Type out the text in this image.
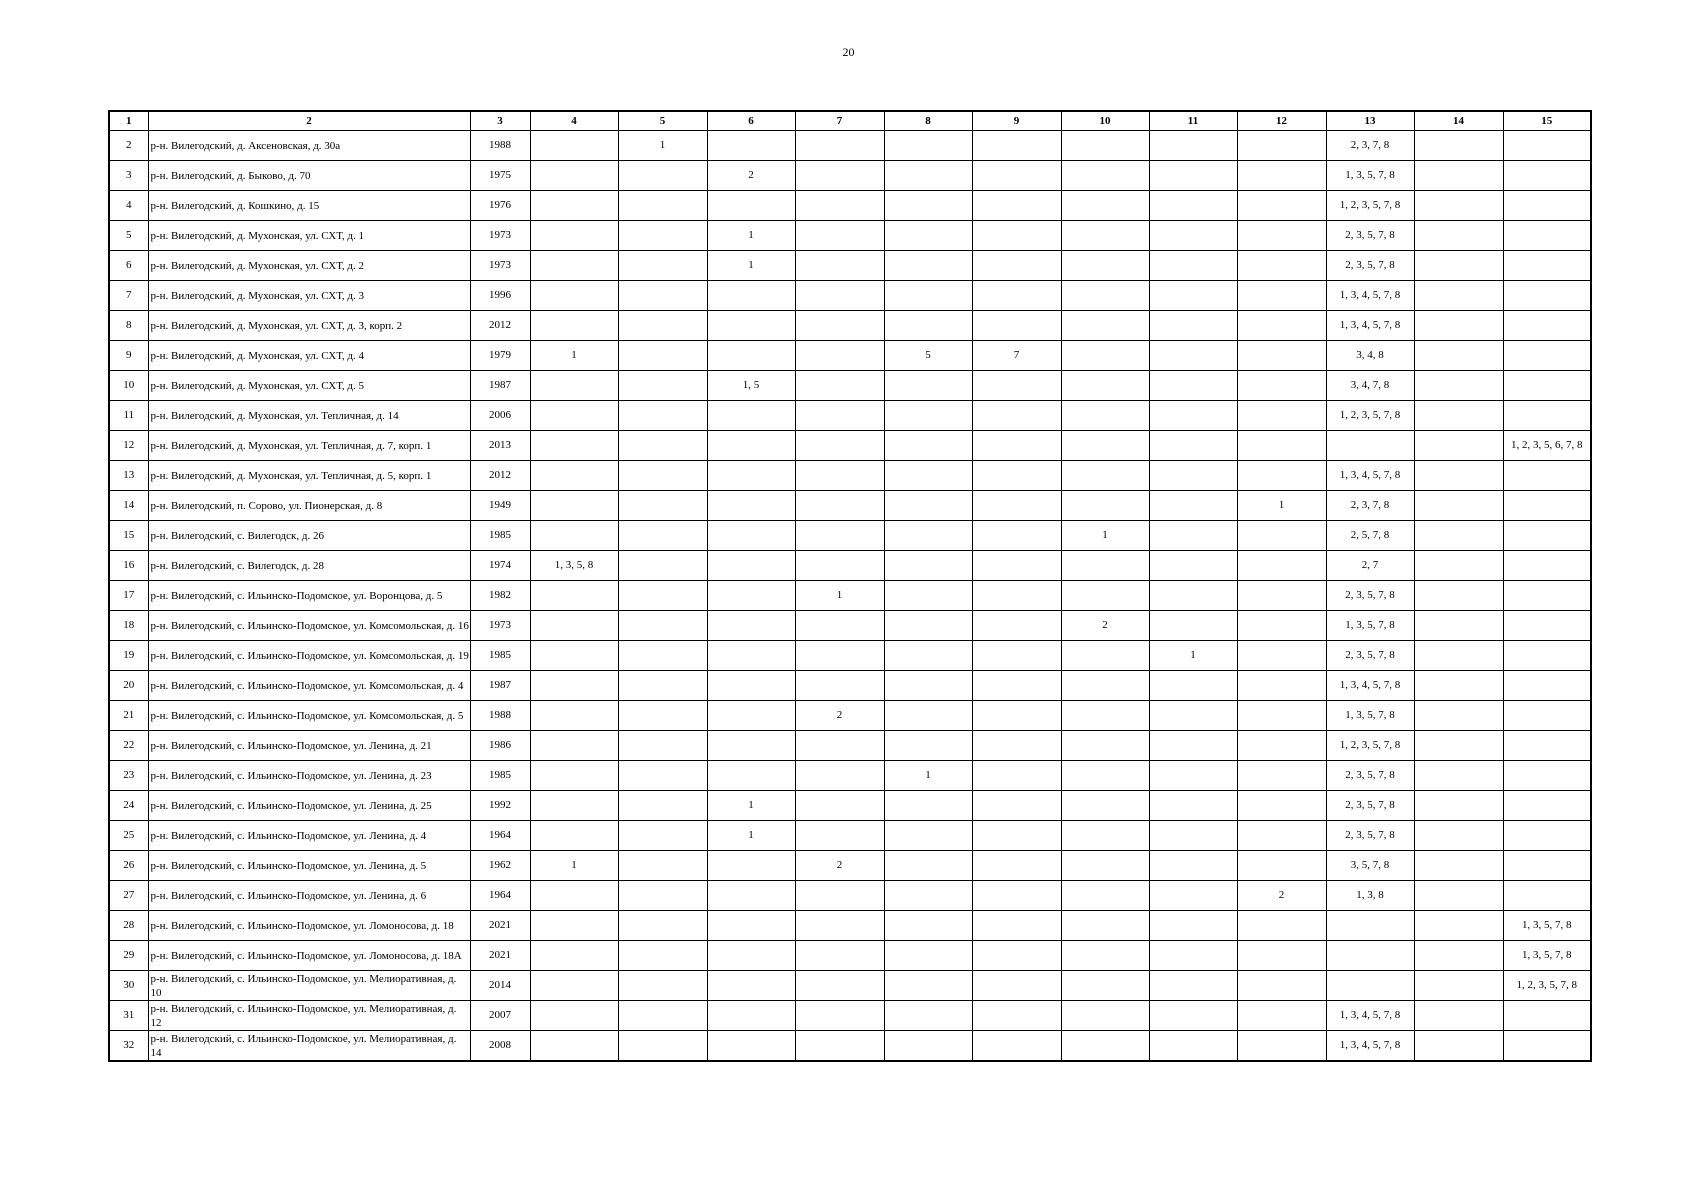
20
1	2	3	4	5	6	7	8	9	10	11	12	13	14	15
2	р-н. Вилегодский, д. Аксеновская, д. 30а	1988		1								2, 3, 7, 8		
3	р-н. Вилегодский, д. Быково, д. 70	1975			2							1, 3, 5, 7, 8		
4	р-н. Вилегодский, д. Кошкино, д. 15	1976										1, 2, 3, 5, 7, 8		
5	р-н. Вилегодский, д. Мухонская, ул. СХТ, д. 1	1973			1							2, 3, 5, 7, 8		
6	р-н. Вилегодский, д. Мухонская, ул. СХТ, д. 2	1973			1							2, 3, 5, 7, 8		
7	р-н. Вилегодский, д. Мухонская, ул. СХТ, д. 3	1996										1, 3, 4, 5, 7, 8		
8	р-н. Вилегодский, д. Мухонская, ул. СХТ, д. 3, корп. 2	2012										1, 3, 4, 5, 7, 8		
9	р-н. Вилегодский, д. Мухонская, ул. СХТ, д. 4	1979	1				5	7				3, 4, 8		
10	р-н. Вилегодский, д. Мухонская, ул. СХТ, д. 5	1987			1, 5							3, 4, 7, 8		
11	р-н. Вилегодский, д. Мухонская, ул. Тепличная, д. 14	2006										1, 2, 3, 5, 7, 8		
12	р-н. Вилегодский, д. Мухонская, ул. Тепличная, д. 7, корп. 1	2013												1, 2, 3, 5, 6, 7, 8
13	р-н. Вилегодский, д. Мухонская, ул. Тепличная, д. 5, корп. 1	2012										1, 3, 4, 5, 7, 8		
14	р-н. Вилегодский, п. Сорово, ул. Пионерская, д. 8	1949									1	2, 3, 7, 8		
15	р-н. Вилегодский, с. Вилегодск, д. 26	1985							1			2, 5, 7, 8		
16	р-н. Вилегодский, с. Вилегодск, д. 28	1974	1, 3, 5, 8									2, 7		
17	р-н. Вилегодский, с. Ильинско-Подомское, ул. Воронцова, д. 5	1982				1						2, 3, 5, 7, 8		
18	р-н. Вилегодский, с. Ильинско-Подомское, ул. Комсомольская, д. 16	1973							2			1, 3, 5, 7, 8		
19	р-н. Вилегодский, с. Ильинско-Подомское, ул. Комсомольская, д. 19	1985								1		2, 3, 5, 7, 8		
20	р-н. Вилегодский, с. Ильинско-Подомское, ул. Комсомольская, д. 4	1987										1, 3, 4, 5, 7, 8		
21	р-н. Вилегодский, с. Ильинско-Подомское, ул. Комсомольская, д. 5	1988				2						1, 3, 5, 7, 8		
22	р-н. Вилегодский, с. Ильинско-Подомское, ул. Ленина, д. 21	1986										1, 2, 3, 5, 7, 8		
23	р-н. Вилегодский, с. Ильинско-Подомское, ул. Ленина, д. 23	1985					1					2, 3, 5, 7, 8		
24	р-н. Вилегодский, с. Ильинско-Подомское, ул. Ленина, д. 25	1992			1							2, 3, 5, 7, 8		
25	р-н. Вилегодский, с. Ильинско-Подомское, ул. Ленина, д. 4	1964			1							2, 3, 5, 7, 8		
26	р-н. Вилегодский, с. Ильинско-Подомское, ул. Ленина, д. 5	1962	1			2						3, 5, 7, 8		
27	р-н. Вилегодский, с. Ильинско-Подомское, ул. Ленина, д. 6	1964									2	1, 3, 8		
28	р-н. Вилегодский, с. Ильинско-Подомское, ул. Ломоносова, д. 18	2021												1, 3, 5, 7, 8
29	р-н. Вилегодский, с. Ильинско-Подомское, ул. Ломоносова, д. 18А	2021												1, 3, 5, 7, 8
30	р-н. Вилегодский, с. Ильинско-Подомское, ул. Мелиоративная, д. 10	2014												1, 2, 3, 5, 7, 8
31	р-н. Вилегодский, с. Ильинско-Подомское, ул. Мелиоративная, д. 12	2007										1, 3, 4, 5, 7, 8		
32	р-н. Вилегодский, с. Ильинско-Подомское, ул. Мелиоративная, д. 14	2008										1, 3, 4, 5, 7, 8		
